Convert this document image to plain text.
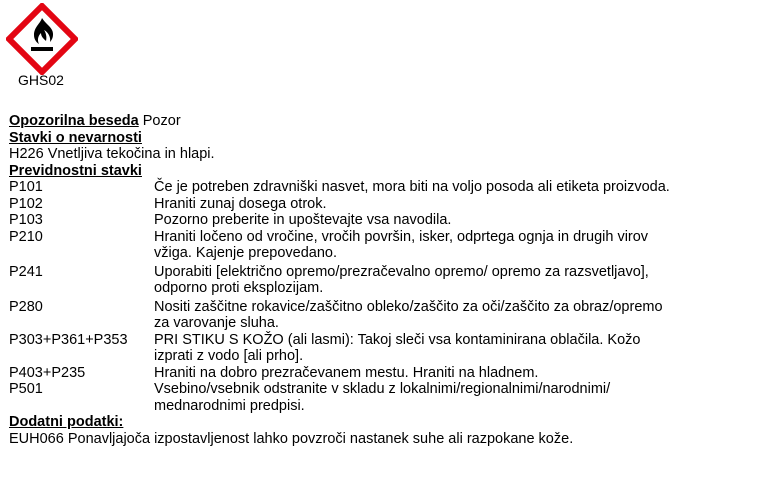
GHS02
Opozorilna beseda Pozor
Stavki o nevarnosti
H226 Vnetljiva tekočina in hlapi.
Previdnostni stavki
P101	Če je potreben zdravniški nasvet, mora biti na voljo posoda ali etiketa proizvoda.
P102	Hraniti zunaj dosega otrok.
P103	Pozorno preberite in upoštevajte vsa navodila.
P210	Hraniti ločeno od vročine, vročih površin, isker, odprtega ognja in drugih virov
vžiga. Kajenje prepovedano.
P241	Uporabiti [električno opremo/prezračevalno opremo/ opremo za razsvetljavo],
odporno proti eksplozijam.
P280	Nositi zaščitne rokavice/zaščitno obleko/zaščito za oči/zaščito za obraz/opremo
za varovanje sluha.
P303+P361+P353	PRI STIKU S KOŽO (ali lasmi): Takoj sleči vsa kontaminirana oblačila. Kožo
izprati z vodo [ali prho].
P403+P235	Hraniti na dobro prezračevanem mestu. Hraniti na hladnem.
P501	Vsebino/vsebnik odstranite v skladu z lokalnimi/regionalnimi/narodnimi/
mednarodnimi predpisi.
Dodatni podatki:
EUH066 Ponavljajoča izpostavljenost lahko povzroči nastanek suhe ali razpokane kože.
